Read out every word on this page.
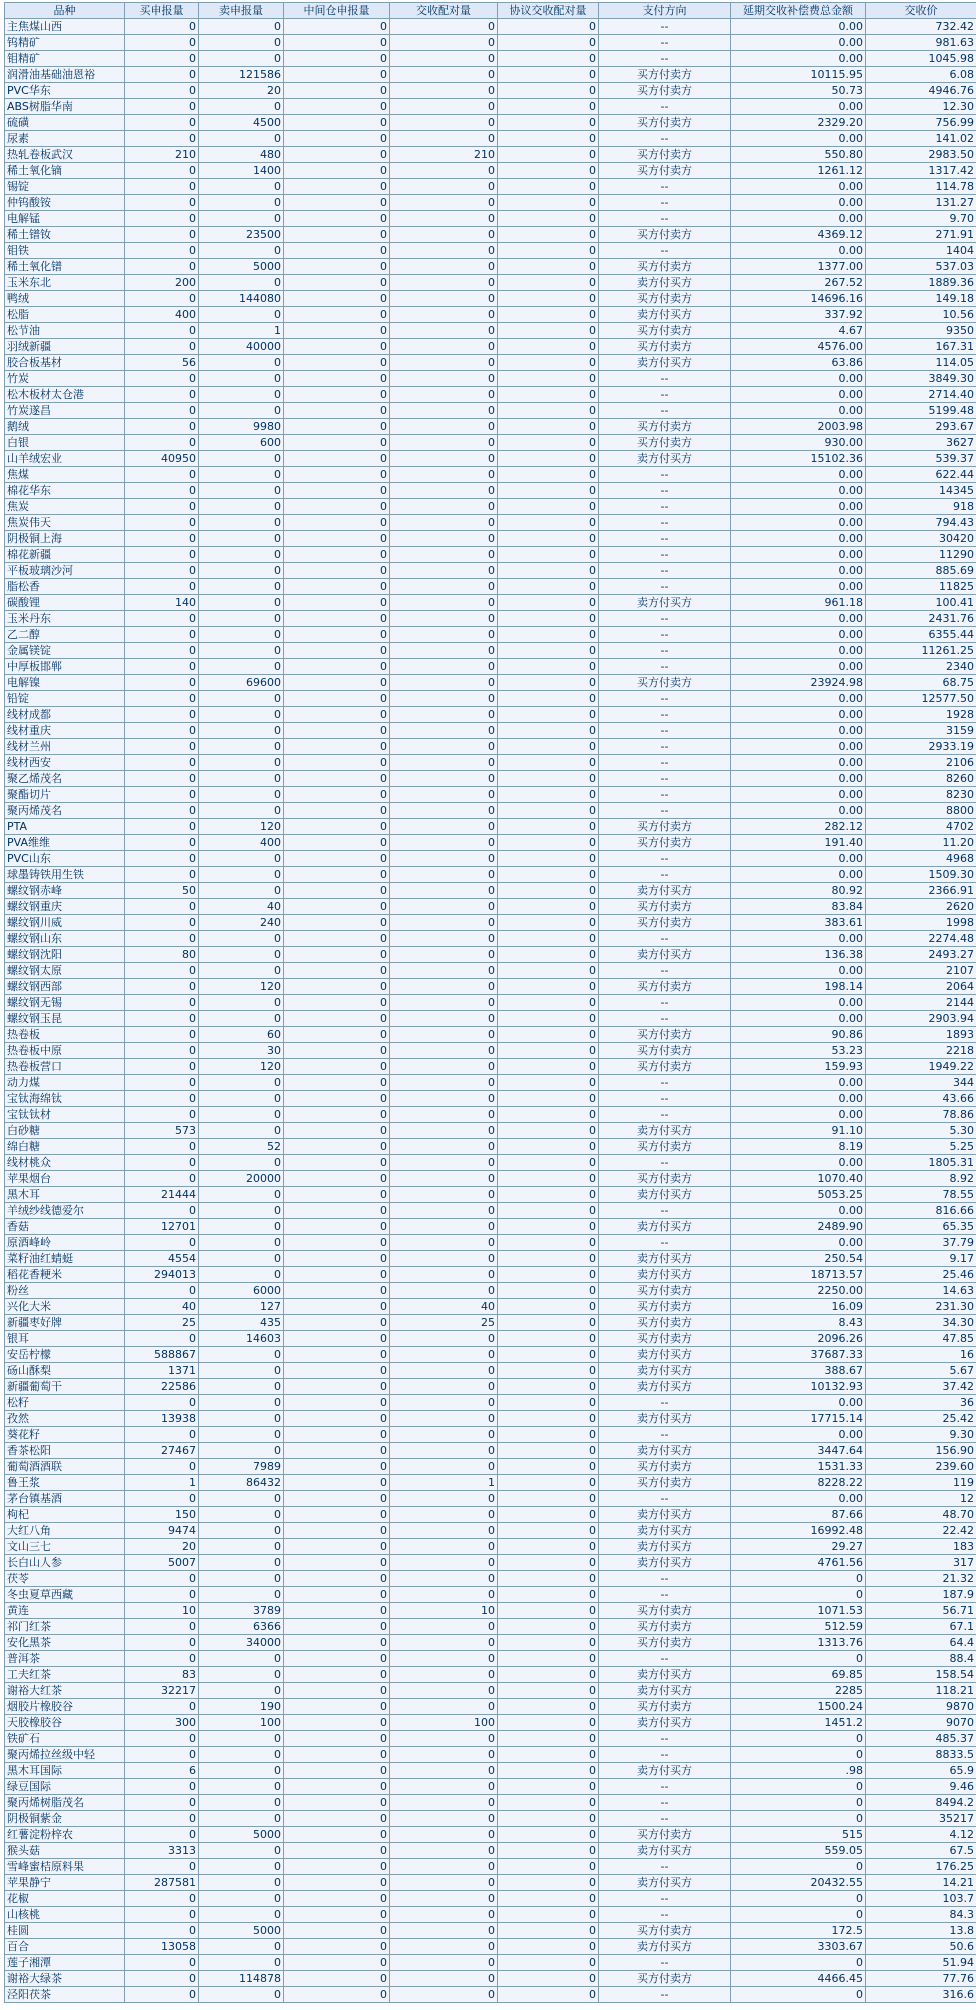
品种	买申报量	卖申报量	中间仓申报量	交收配对量	协议交收配对量	支付方向	延期交收补偿费总金额	交收价
主焦煤山西	0	0	0	0	0	--	0.00	732.42
钨精矿	0	0	0	0	0	--	0.00	981.63
钼精矿	0	0	0	0	0	--	0.00	1045.98
润滑油基础油恩裕	0	121586	0	0	0	买方付卖方	10115.95	6.08
PVC华东	0	20	0	0	0	买方付卖方	50.73	4946.76
ABS树脂华南	0	0	0	0	0	--	0.00	12.30
硫磺	0	4500	0	0	0	买方付卖方	2329.20	756.99
尿素	0	0	0	0	0	--	0.00	141.02
热轧卷板武汉	210	480	0	210	0	买方付卖方	550.80	2983.50
稀土氧化镝	0	1400	0	0	0	买方付卖方	1261.12	1317.42
锡锭	0	0	0	0	0	--	0.00	114.78
仲钨酸铵	0	0	0	0	0	--	0.00	131.27
电解锰	0	0	0	0	0	--	0.00	9.70
稀土镨钕	0	23500	0	0	0	买方付卖方	4369.12	271.91
钼铁	0	0	0	0	0	--	0.00	1404
稀土氧化镨	0	5000	0	0	0	买方付卖方	1377.00	537.03
玉米东北	200	0	0	0	0	卖方付买方	267.52	1889.36
鸭绒	0	144080	0	0	0	买方付卖方	14696.16	149.18
松脂	400	0	0	0	0	卖方付买方	337.92	10.56
松节油	0	1	0	0	0	买方付卖方	4.67	9350
羽绒新疆	0	40000	0	0	0	买方付卖方	4576.00	167.31
胶合板基材	56	0	0	0	0	卖方付买方	63.86	114.05
竹炭	0	0	0	0	0	--	0.00	3849.30
松木板材太仓港	0	0	0	0	0	--	0.00	2714.40
竹炭遂昌	0	0	0	0	0	--	0.00	5199.48
鹅绒	0	9980	0	0	0	买方付卖方	2003.98	293.67
白银	0	600	0	0	0	买方付卖方	930.00	3627
山羊绒宏业	40950	0	0	0	0	卖方付买方	15102.36	539.37
焦煤	0	0	0	0	0	--	0.00	622.44
棉花华东	0	0	0	0	0	--	0.00	14345
焦炭	0	0	0	0	0	--	0.00	918
焦炭伟天	0	0	0	0	0	--	0.00	794.43
阴极铜上海	0	0	0	0	0	--	0.00	30420
棉花新疆	0	0	0	0	0	--	0.00	11290
平板玻璃沙河	0	0	0	0	0	--	0.00	885.69
脂松香	0	0	0	0	0	--	0.00	11825
碳酸锂	140	0	0	0	0	卖方付买方	961.18	100.41
玉米丹东	0	0	0	0	0	--	0.00	2431.76
乙二醇	0	0	0	0	0	--	0.00	6355.44
金属镁锭	0	0	0	0	0	--	0.00	11261.25
中厚板邯郸	0	0	0	0	0	--	0.00	2340
电解镍	0	69600	0	0	0	买方付卖方	23924.98	68.75
铅锭	0	0	0	0	0	--	0.00	12577.50
线材成都	0	0	0	0	0	--	0.00	1928
线材重庆	0	0	0	0	0	--	0.00	3159
线材兰州	0	0	0	0	0	--	0.00	2933.19
线材西安	0	0	0	0	0	--	0.00	2106
聚乙烯茂名	0	0	0	0	0	--	0.00	8260
聚酯切片	0	0	0	0	0	--	0.00	8230
聚丙烯茂名	0	0	0	0	0	--	0.00	8800
PTA	0	120	0	0	0	买方付卖方	282.12	4702
PVA维维	0	400	0	0	0	买方付卖方	191.40	11.20
PVC山东	0	0	0	0	0	--	0.00	4968
球墨铸铁用生铁	0	0	0	0	0	--	0.00	1509.30
螺纹钢赤峰	50	0	0	0	0	卖方付买方	80.92	2366.91
螺纹钢重庆	0	40	0	0	0	买方付卖方	83.84	2620
螺纹钢川威	0	240	0	0	0	买方付卖方	383.61	1998
螺纹钢山东	0	0	0	0	0	--	0.00	2274.48
螺纹钢沈阳	80	0	0	0	0	卖方付买方	136.38	2493.27
螺纹钢太原	0	0	0	0	0	--	0.00	2107
螺纹钢西部	0	120	0	0	0	买方付卖方	198.14	2064
螺纹钢无锡	0	0	0	0	0	--	0.00	2144
螺纹钢玉昆	0	0	0	0	0	--	0.00	2903.94
热卷板	0	60	0	0	0	买方付卖方	90.86	1893
热卷板中原	0	30	0	0	0	买方付卖方	53.23	2218
热卷板营口	0	120	0	0	0	买方付卖方	159.93	1949.22
动力煤	0	0	0	0	0	--	0.00	344
宝钛海绵钛	0	0	0	0	0	--	0.00	43.66
宝钛钛材	0	0	0	0	0	--	0.00	78.86
白砂糖	573	0	0	0	0	卖方付买方	91.10	5.30
绵白糖	0	52	0	0	0	买方付卖方	8.19	5.25
线材桃众	0	0	0	0	0	--	0.00	1805.31
苹果烟台	0	20000	0	0	0	买方付卖方	1070.40	8.92
黑木耳	21444	0	0	0	0	卖方付买方	5053.25	78.55
羊绒纱线德爱尔	0	0	0	0	0	--	0.00	816.66
香菇	12701	0	0	0	0	卖方付买方	2489.90	65.35
原酒峰岭	0	0	0	0	0	--	0.00	37.79
菜籽油红蜻蜓	4554	0	0	0	0	卖方付买方	250.54	9.17
稻花香粳米	294013	0	0	0	0	卖方付买方	18713.57	25.46
粉丝	0	6000	0	0	0	买方付卖方	2250.00	14.63
兴化大米	40	127	0	40	0	买方付卖方	16.09	231.30
新疆枣好牌	25	435	0	25	0	买方付卖方	8.43	34.30
银耳	0	14603	0	0	0	买方付卖方	2096.26	47.85
安岳柠檬	588867	0	0	0	0	卖方付买方	37687.33	16
砀山酥梨	1371	0	0	0	0	卖方付买方	388.67	5.67
新疆葡萄干	22586	0	0	0	0	卖方付买方	10132.93	37.42
松籽	0	0	0	0	0	--	0.00	36
孜然	13938	0	0	0	0	卖方付买方	17715.14	25.42
葵花籽	0	0	0	0	0	--	0.00	9.30
香茶松阳	27467	0	0	0	0	卖方付买方	3447.64	156.90
葡萄酒酒联	0	7989	0	0	0	买方付卖方	1531.33	239.60
鲁王浆	1	86432	0	1	0	买方付卖方	8228.22	119
茅台镇基酒	0	0	0	0	0	--	0.00	12
枸杞	150	0	0	0	0	卖方付买方	87.66	48.70
大红八角	9474	0	0	0	0	卖方付买方	16992.48	22.42
文山三七	20	0	0	0	0	卖方付买方	29.27	183
长白山人参	5007	0	0	0	0	卖方付买方	4761.56	317
茯苓	0	0	0	0	0	--	0	21.32
冬虫夏草西藏	0	0	0	0	0	--	0	187.9
黄连	10	3789	0	10	0	买方付卖方	1071.53	56.71
祁门红茶	0	6366	0	0	0	买方付卖方	512.59	67.1
安化黑茶	0	34000	0	0	0	买方付卖方	1313.76	64.4
普洱茶	0	0	0	0	0	--	0	88.4
工夫红茶	83	0	0	0	0	卖方付买方	69.85	158.54
谢裕大红茶	32217	0	0	0	0	卖方付买方	2285	118.21
烟胶片橡胶谷	0	190	0	0	0	买方付卖方	1500.24	9870
天胶橡胶谷	300	100	0	100	0	卖方付买方	1451.2	9070
铁矿石	0	0	0	0	0	--	0	485.37
聚丙烯拉丝级中轻	0	0	0	0	0	--	0	8833.5
黑木耳国际	6	0	0	0	0	卖方付买方	.98	65.9
绿豆国际	0	0	0	0	0	--	0	9.46
聚丙烯树脂茂名	0	0	0	0	0	--	0	8494.2
阴极铜紫金	0	0	0	0	0	--	0	35217
红薯淀粉梓农	0	5000	0	0	0	买方付卖方	515	4.12
猴头菇	3313	0	0	0	0	卖方付买方	559.05	67.5
雪峰蜜桔原料果	0	0	0	0	0	--	0	176.25
苹果静宁	287581	0	0	0	0	卖方付买方	20432.55	14.21
花椒	0	0	0	0	0	--	0	103.7
山核桃	0	0	0	0	0	--	0	84.3
桂圆	0	5000	0	0	0	买方付卖方	172.5	13.8
百合	13058	0	0	0	0	卖方付买方	3303.67	50.6
莲子湘潭	0	0	0	0	0	--	0	51.94
谢裕大绿茶	0	114878	0	0	0	买方付卖方	4466.45	77.76
泾阳茯茶	0	0	0	0	0	--	0	316.6
